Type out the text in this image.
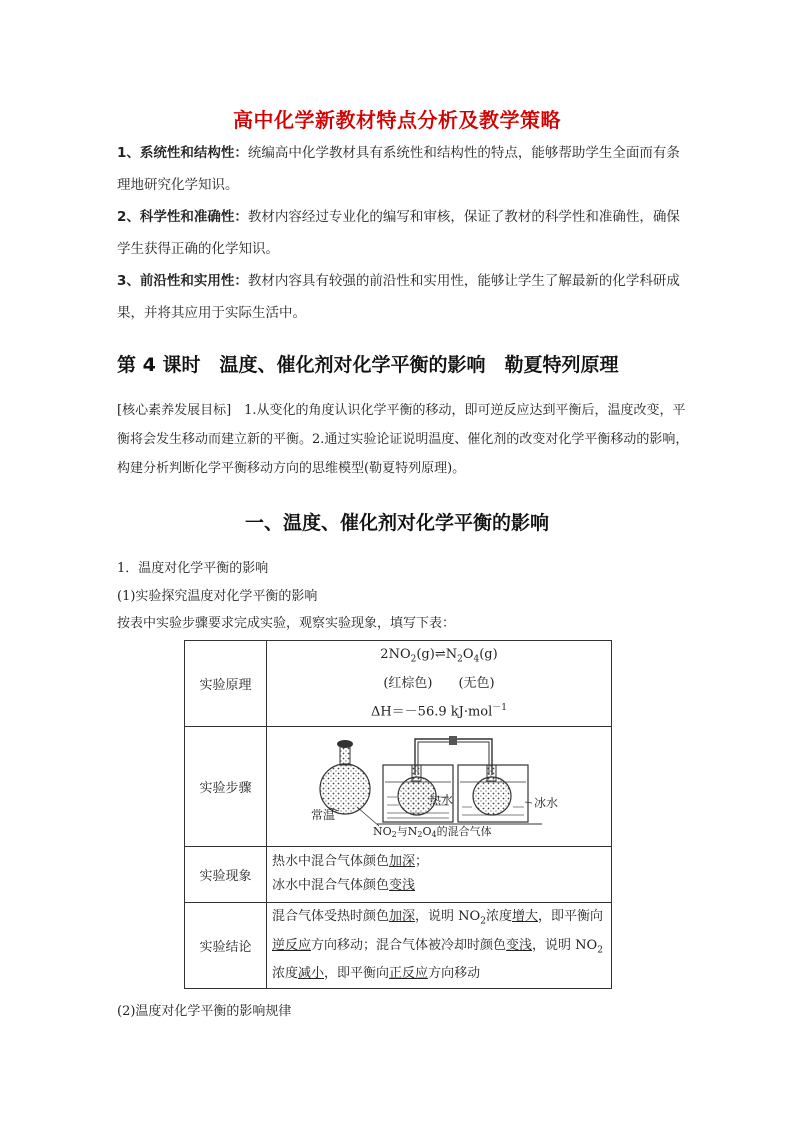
高中化学新教材特点分析及教学策略
1、系统性和结构性：统编高中化学教材具有系统性和结构性的特点，能够帮助学生全面而有条理地研究化学知识。
2、科学性和准确性：教材内容经过专业化的编写和审核，保证了教材的科学性和准确性，确保学生获得正确的化学知识。
3、前沿性和实用性：教材内容具有较强的前沿性和实用性，能够让学生了解最新的化学科研成果，并将其应用于实际生活中。
第 4 课时　温度、催化剂对化学平衡的影响　勒夏特列原理
[核心素养发展目标]　1.从变化的角度认识化学平衡的移动，即可逆反应达到平衡后，温度改变，平衡将会发生移动而建立新的平衡。2.通过实验论证说明温度、催化剂的改变对化学平衡移动的影响，构建分析判断化学平衡移动方向的思维模型(勒夏特列原理)。
一、温度、催化剂对化学平衡的影响
1．温度对化学平衡的影响
(1)实验探究温度对化学平衡的影响
按表中实验步骤要求完成实验，观察实验现象，填写下表：
实验原理	$2NO_2(g)\rightleftharpoons N_2O_4(g)$
(红棕色)　　(无色)
ΔH＝－56.9 kJ·mol$^{-1}$

实验步骤	常温
热水 冰水
NO2与N2O4的混合气体

实验现象	热水中混合气体颜色加深；
冰水中混合气体颜色变浅

实验结论	混合气体受热时颜色加深，说明 $NO_2$浓度增大，即平衡向逆反应方向移动；混合气体被冷却时颜色变浅，说明 $NO_2$浓度减小，即平衡向正反应方向移动
(2)温度对化学平衡的影响规律
